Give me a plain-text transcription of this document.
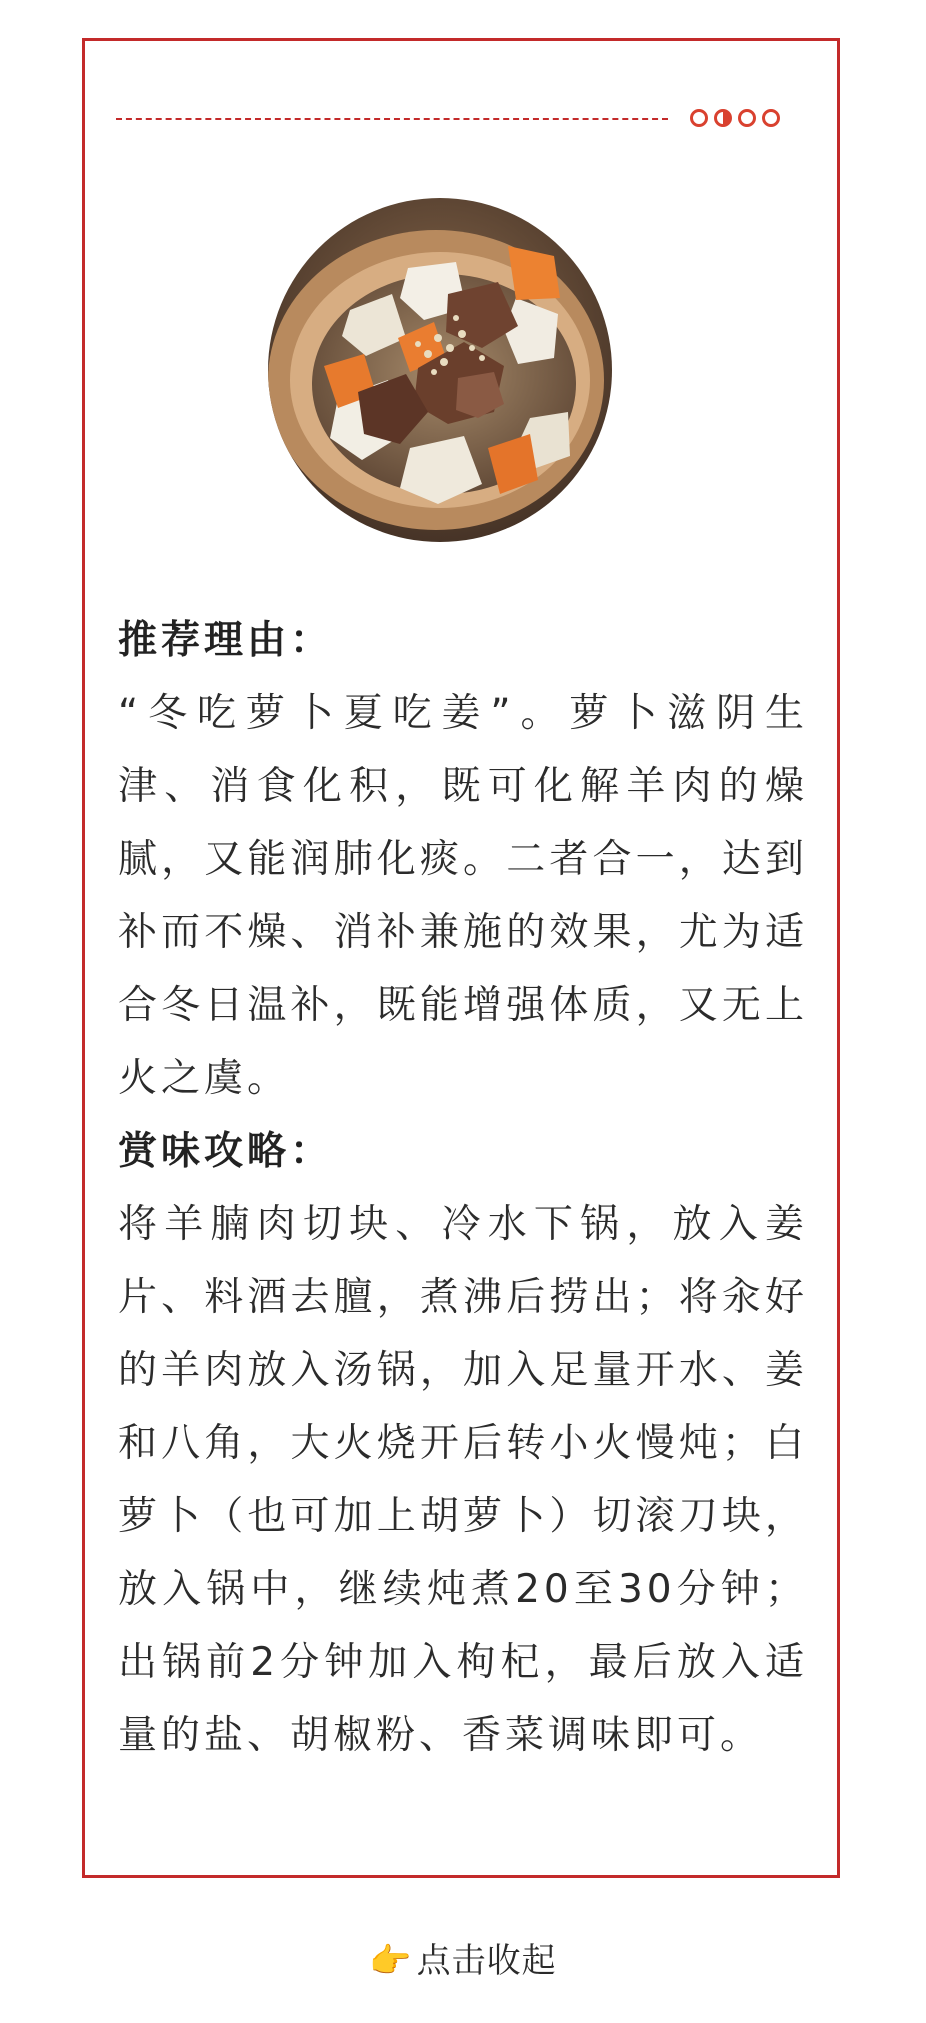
推荐理由：
“冬吃萝卜夏吃姜”。萝卜滋阴生津、消食化积，既可化解羊肉的燥腻，又能润肺化痰。二者合一，达到补而不燥、消补兼施的效果，尤为适合冬日温补，既能增强体质，又无上火之虞。
赏味攻略：
将羊腩肉切块、冷水下锅，放入姜片、料酒去膻，煮沸后捞出；将汆好的羊肉放入汤锅，加入足量开水、姜和八角，大火烧开后转小火慢炖；白萝卜（也可加上胡萝卜）切滚刀块，放入锅中，继续炖煮20至30分钟；出锅前2分钟加入枸杞，最后放入适量的盐、胡椒粉、香菜调味即可。
👉 点击收起
